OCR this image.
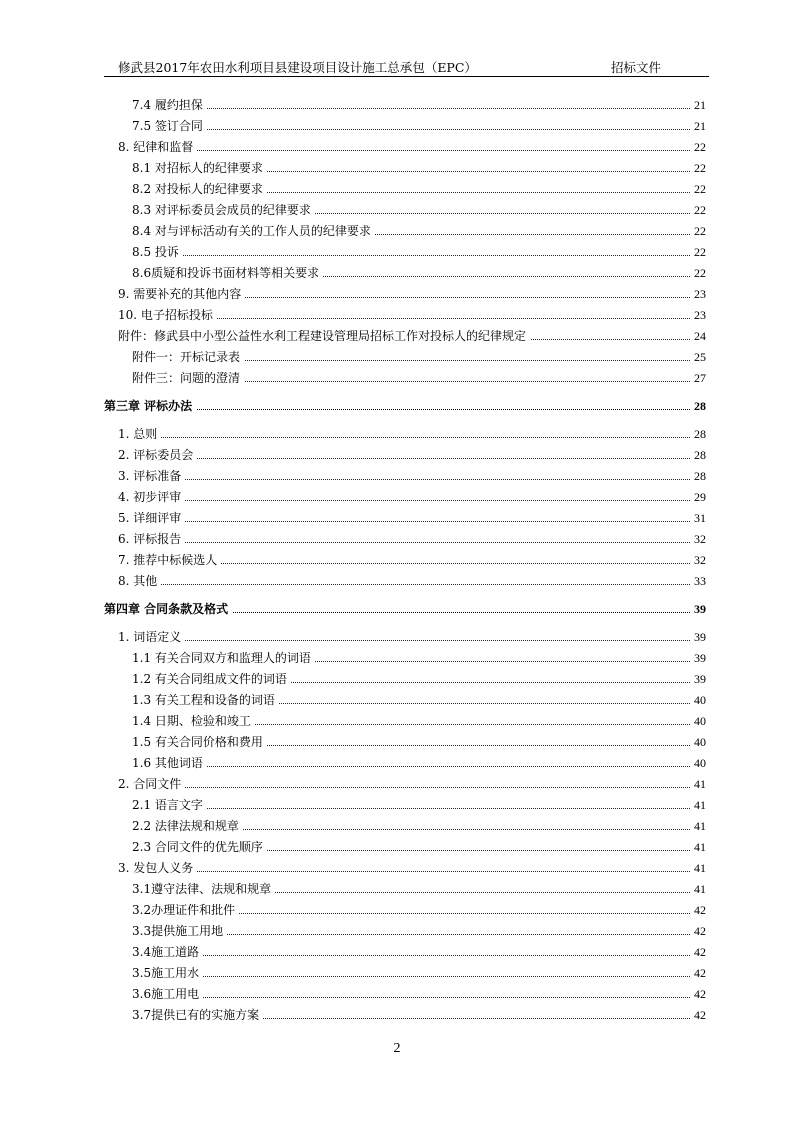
修武县2017年农田水利项目县建设项目设计施工总承包（EPC）	招标文件
7.4 履约担保	21
7.5 签订合同	21
8. 纪律和监督	22
8.1 对招标人的纪律要求	22
8.2 对投标人的纪律要求	22
8.3 对评标委员会成员的纪律要求	22
8.4 对与评标活动有关的工作人员的纪律要求	22
8.5 投诉	22
8.6质疑和投诉书面材料等相关要求	22
9. 需要补充的其他内容	23
10. 电子招标投标	23
附件：修武县中小型公益性水利工程建设管理局招标工作对投标人的纪律规定	24
附件一：开标记录表	25
附件三：问题的澄清	27
第三章 评标办法	28
1. 总则	28
2. 评标委员会	28
3. 评标准备	28
4. 初步评审	29
5. 详细评审	31
6. 评标报告	32
7. 推荐中标候选人	32
8. 其他	33
第四章 合同条款及格式	39
1. 词语定义	39
1.1 有关合同双方和监理人的词语	39
1.2 有关合同组成文件的词语	39
1.3 有关工程和设备的词语	40
1.4 日期、检验和竣工	40
1.5 有关合同价格和费用	40
1.6 其他词语	40
2. 合同文件	41
2.1 语言文字	41
2.2 法律法规和规章	41
2.3 合同文件的优先顺序	41
3. 发包人义务	41
3.1遵守法律、法规和规章	41
3.2办理证件和批件	42
3.3提供施工用地	42
3.4施工道路	42
3.5施工用水	42
3.6施工用电	42
3.7提供已有的实施方案	42
2
